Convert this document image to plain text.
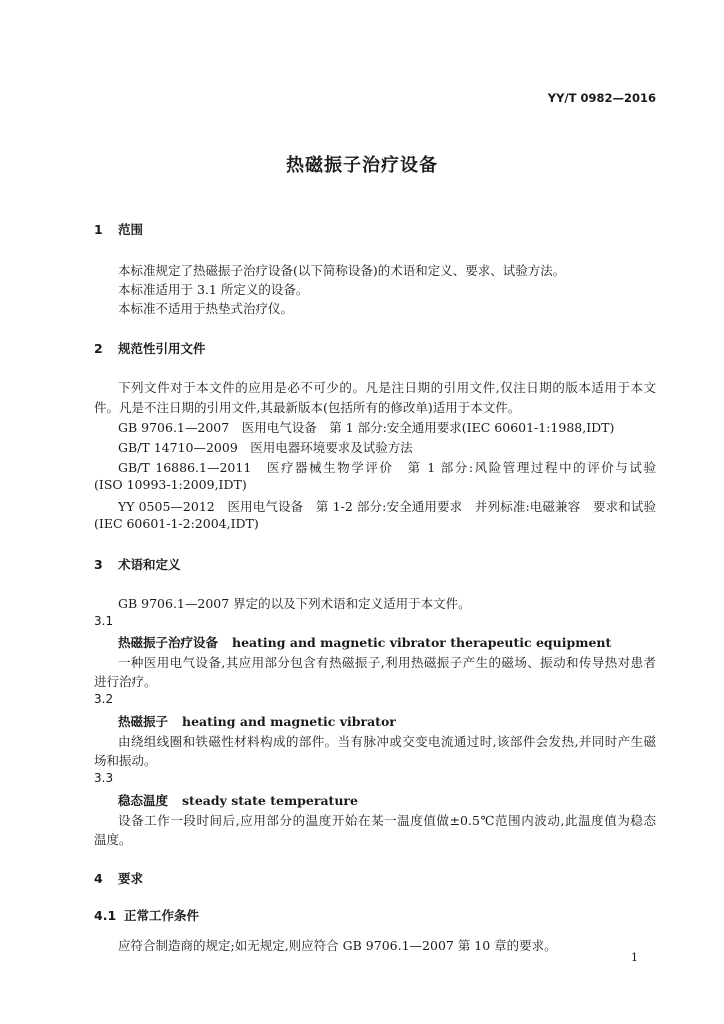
YY/T 0982—2016
热磁振子治疗设备
1 范围
本标准规定了热磁振子治疗设备(以下简称设备)的术语和定义、要求、试验方法。
本标准适用于 3.1 所定义的设备。
本标准不适用于热垫式治疗仪。
2 规范性引用文件
下列文件对于本文件的应用是必不可少的。凡是注日期的引用文件,仅注日期的版本适用于本文
件。凡是不注日期的引用文件,其最新版本(包括所有的修改单)适用于本文件。
GB 9706.1—2007　医用电气设备　第 1 部分:安全通用要求(IEC 60601-1:1988,IDT)
GB/T 14710—2009　医用电器环境要求及试验方法
GB/T 16886.1—2011　医疗器械生物学评价　第 1 部分:风险管理过程中的评价与试验
(ISO 10993-1:2009,IDT)
YY 0505—2012　医用电气设备　第 1-2 部分:安全通用要求　并列标准:电磁兼容　要求和试验
(IEC 60601-1-2:2004,IDT)
3 术语和定义
GB 9706.1—2007 界定的以及下列术语和定义适用于本文件。
3.1
热磁振子治疗设备 heating and magnetic vibrator therapeutic equipment
一种医用电气设备,其应用部分包含有热磁振子,利用热磁振子产生的磁场、振动和传导热对患者
进行治疗。
3.2
热磁振子 heating and magnetic vibrator
由绕组线圈和铁磁性材料构成的部件。当有脉冲或交变电流通过时,该部件会发热,并同时产生磁
场和振动。
3.3
稳态温度 steady state temperature
设备工作一段时间后,应用部分的温度开始在某一温度值做±0.5℃范围内波动,此温度值为稳态
温度。
4 要求
4.1 正常工作条件
应符合制造商的规定;如无规定,则应符合 GB 9706.1—2007 第 10 章的要求。
1
